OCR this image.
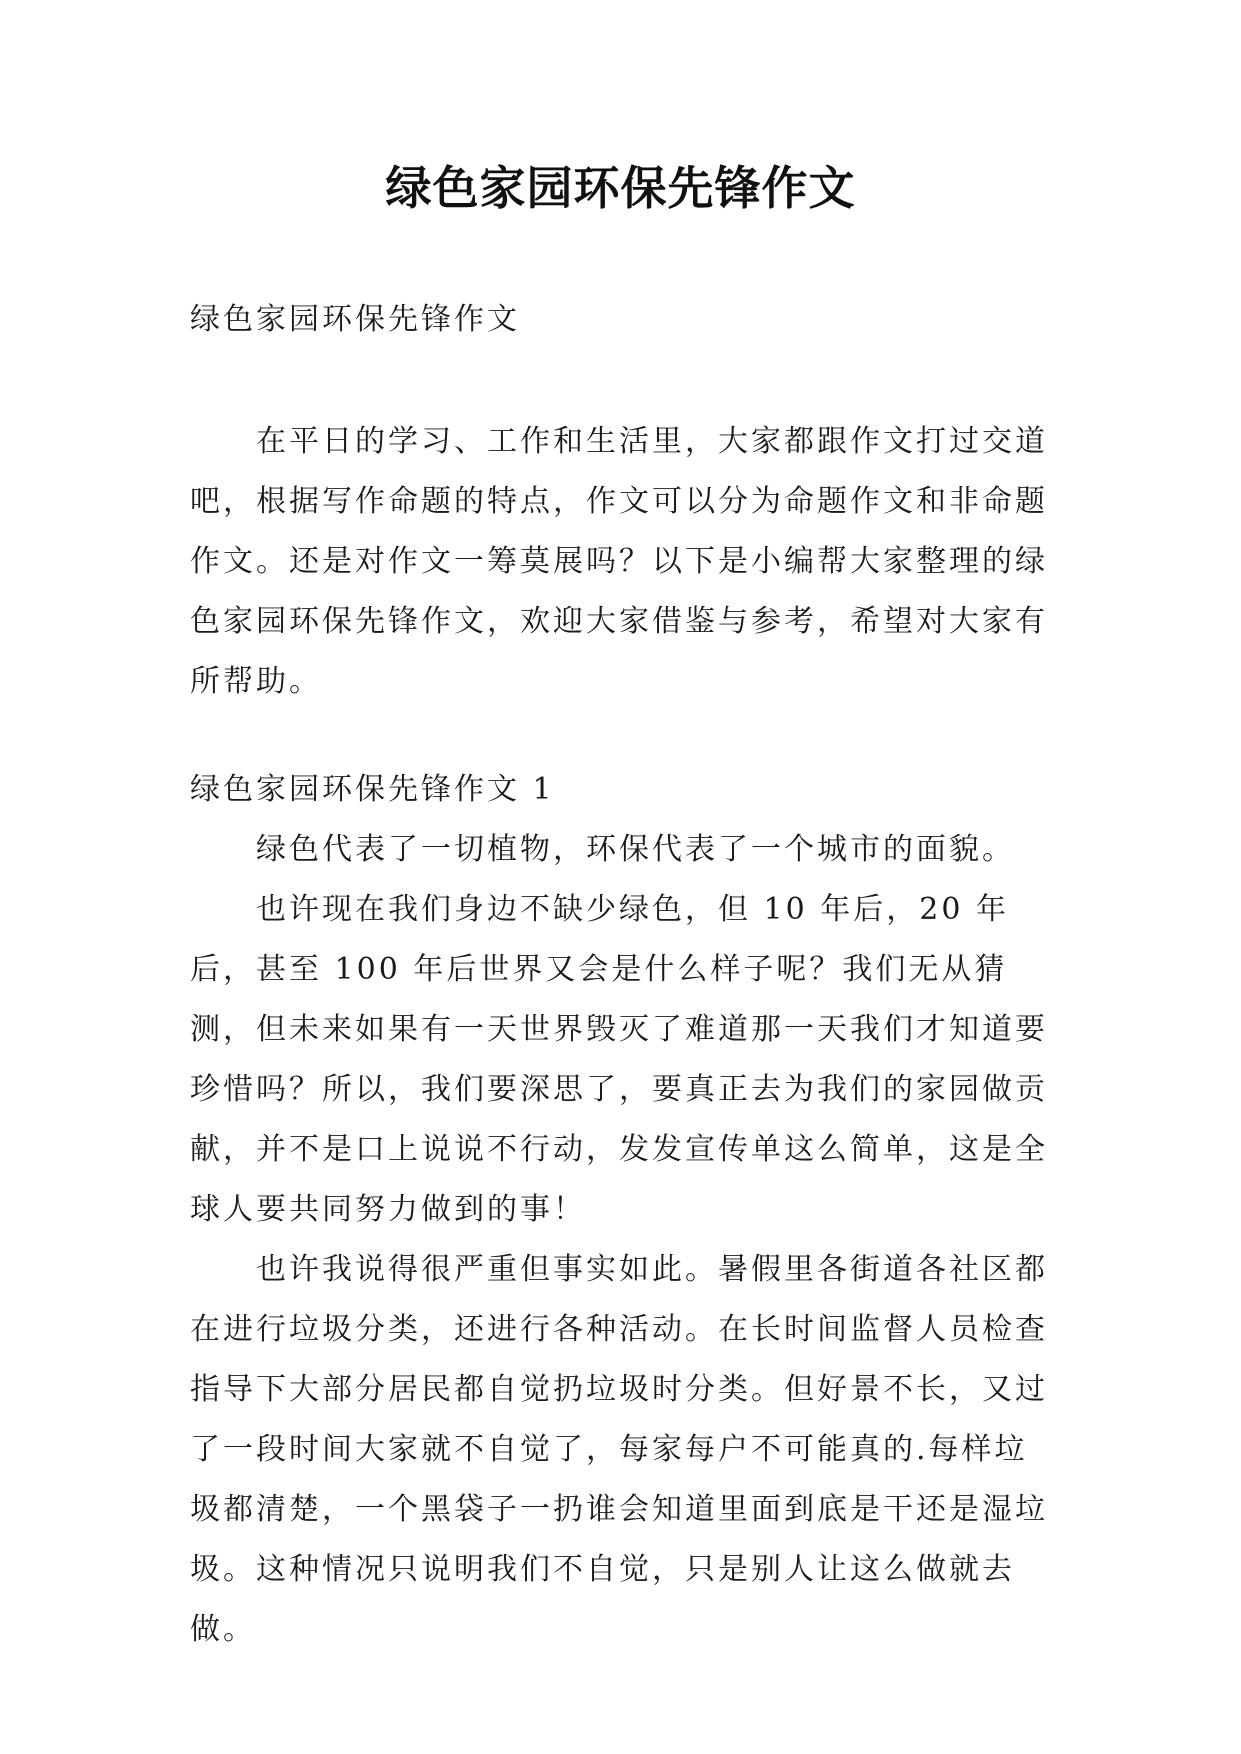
绿色家园环保先锋作文

绿色家园环保先锋作文

在平日的学习、工作和生活里，大家都跟作文打过交道吧，根据写作命题的特点，作文可以分为命题作文和非命题作文。还是对作文一筹莫展吗？以下是小编帮大家整理的绿色家园环保先锋作文，欢迎大家借鉴与参考，希望对大家有所帮助。

绿色家园环保先锋作文 1

绿色代表了一切植物，环保代表了一个城市的面貌。

也许现在我们身边不缺少绿色，但 10 年后，20 年后，甚至 100 年后世界又会是什么样子呢？我们无从猜测，但未来如果有一天世界毁灭了难道那一天我们才知道要珍惜吗？所以，我们要深思了，要真正去为我们的家园做贡献，并不是口上说说不行动，发发宣传单这么简单，这是全球人要共同努力做到的事！

也许我说得很严重但事实如此。暑假里各街道各社区都在进行垃圾分类，还进行各种活动。在长时间监督人员检查指导下大部分居民都自觉扔垃圾时分类。但好景不长，又过了一段时间大家就不自觉了，每家每户不可能真的.每样垃圾都清楚，一个黑袋子一扔谁会知道里面到底是干还是湿垃圾。这种情况只说明我们不自觉，只是别人让这么做就去做。
